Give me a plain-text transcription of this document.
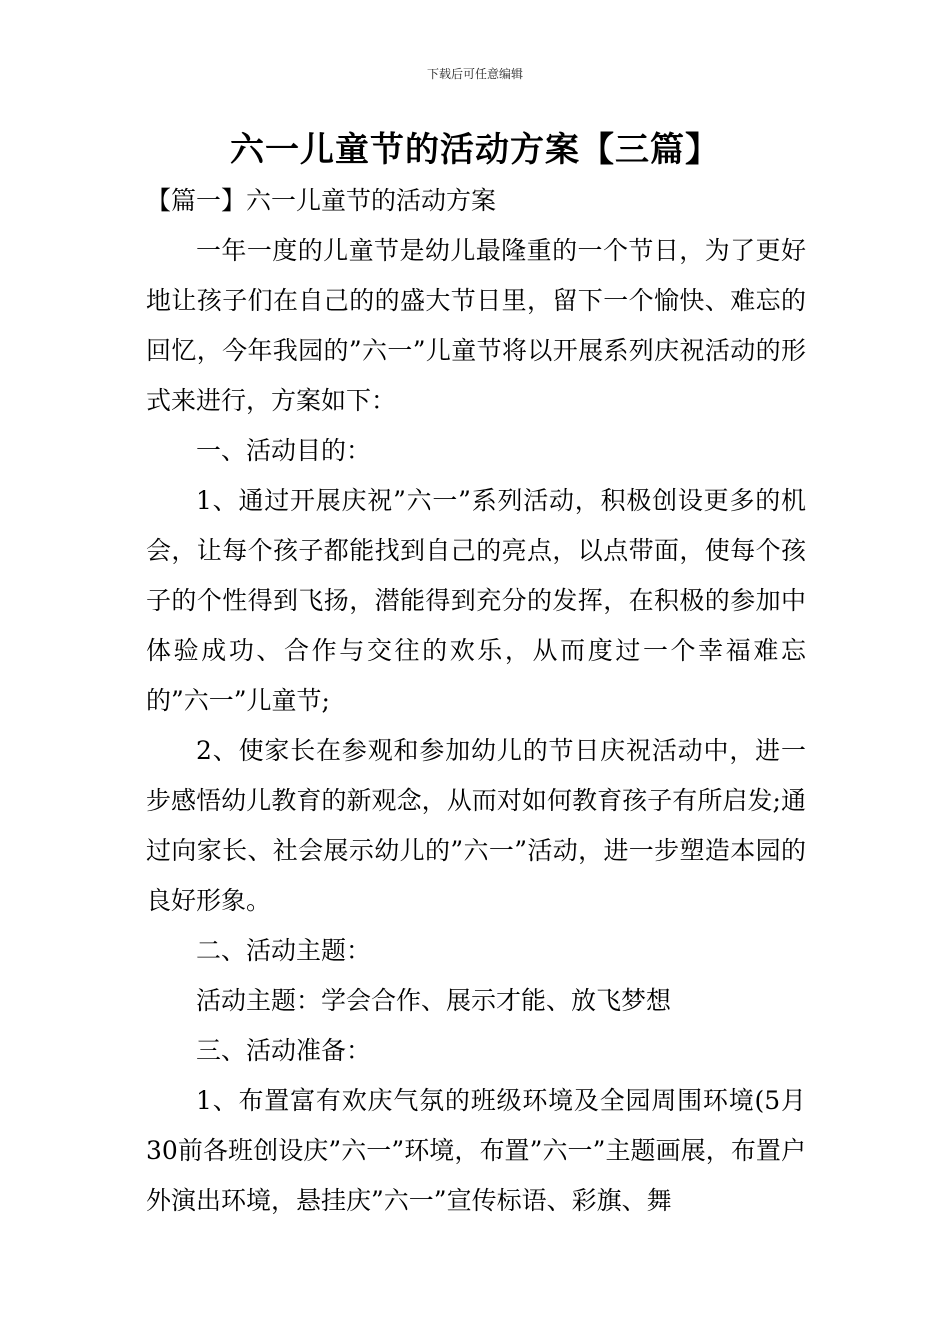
下载后可任意编辑
六一儿童节的活动方案【三篇】

【篇一】六一儿童节的活动方案

一年一度的儿童节是幼儿最隆重的一个节日，为了更好地让孩子们在自己的的盛大节日里，留下一个愉快、难忘的回忆，今年我园的”六一”儿童节将以开展系列庆祝活动的形式来进行，方案如下：

一、活动目的：

1、通过开展庆祝”六一”系列活动，积极创设更多的机会，让每个孩子都能找到自己的亮点，以点带面，使每个孩子的个性得到飞扬，潜能得到充分的发挥，在积极的参加中体验成功、合作与交往的欢乐，从而度过一个幸福难忘的”六一”儿童节;

2、使家长在参观和参加幼儿的节日庆祝活动中，进一步感悟幼儿教育的新观念，从而对如何教育孩子有所启发;通过向家长、社会展示幼儿的”六一”活动，进一步塑造本园的良好形象。

二、活动主题：

活动主题：学会合作、展示才能、放飞梦想

三、活动准备：

1、布置富有欢庆气氛的班级环境及全园周围环境(5月30前各班创设庆”六一”环境，布置”六一”主题画展，布置户外演出环境，悬挂庆”六一”宣传标语、彩旗、舞
